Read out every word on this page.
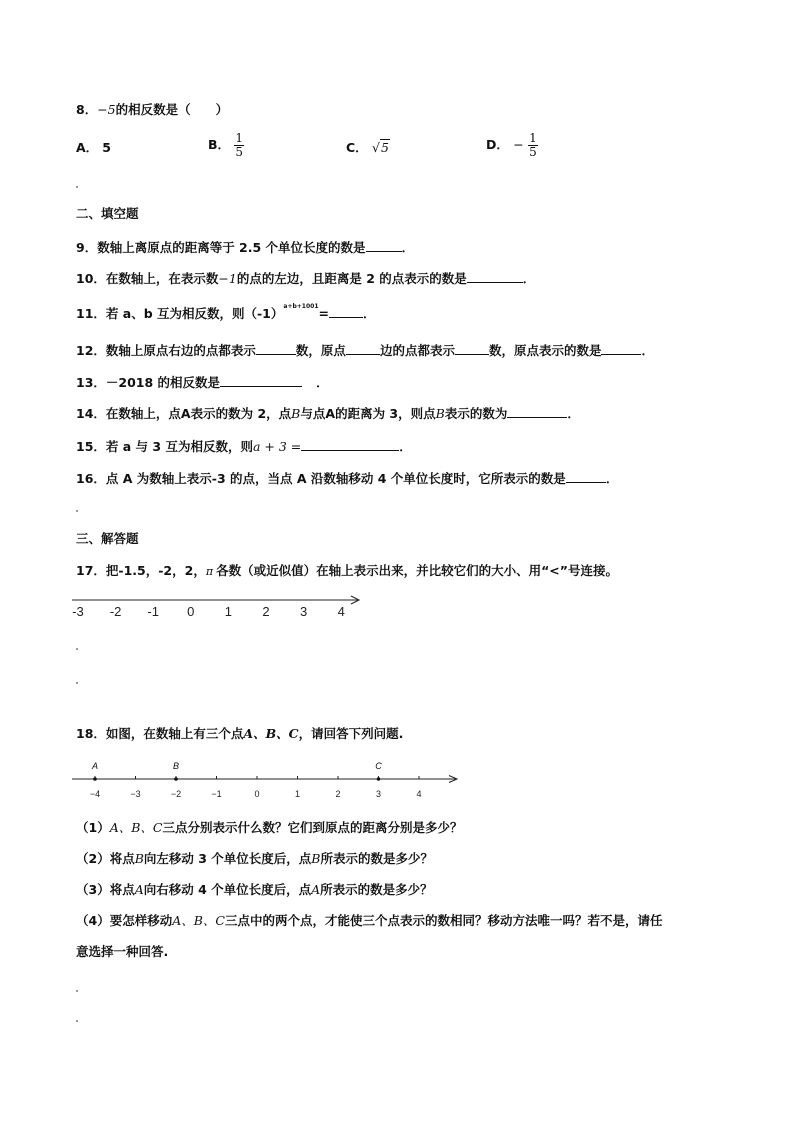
8．−5的相反数是（　　）
A． 5	B． $\frac{1}{5}$	C． √5	D． − $\frac{1}{5}$
二、填空题
9．数轴上离原点的距离等于 2.5 个单位长度的数是	．
10．在数轴上，在表示数−1的点的左边，且距离是 2 的点表示的数是	．
11．若 a、b 互为相反数，则$(-1)^{a+b+1001}=$	．
12．数轴上原点右边的点都表示	数，原点	边的点都表示	数，原点表示的数是	．
13．－2018 的相反数是	．
14．在数轴上，点A表示的数为 2，点B与点A的距离为 3，则点B表示的数为	．
15．若 a 与 3 互为相反数，则a + 3 =	．
16．点 A 为数轴上表示-3 的点，当点 A 沿数轴移动 4 个单位长度时，它所表示的数是	．
三、解答题
17．把-1.5，-2，2，π 各数（或近似值）在轴上表示出来，并比较它们的大小、用“<”号连接。
-3 -2 -1 0 1 2 3 4
18．如图，在数轴上有三个点A、B、C，请回答下列问题.
−4	−3	−2	−1	0	1	2	3	4
A	B	C
（1）A、B、C三点分别表示什么数？它们到原点的距离分别是多少？
（2）将点B向左移动 3 个单位长度后，点B所表示的数是多少？
（3）将点A向右移动 4 个单位长度后，点A所表示的数是多少？
（4）要怎样移动A、B、C三点中的两个点，才能使三个点表示的数相同？移动方法唯一吗？若不是，请任
意选择一种回答.
